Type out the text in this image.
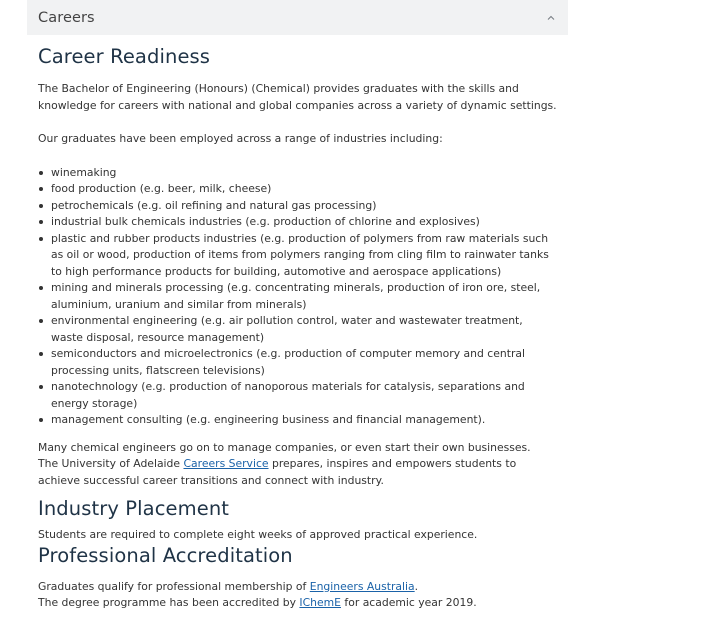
Careers
Career Readiness

The Bachelor of Engineering (Honours) (Chemical) provides graduates with the skills and knowledge for careers with national and global companies across a variety of dynamic settings.

Our graduates have been employed across a range of industries including:

winemaking
food production (e.g. beer, milk, cheese)
petrochemicals (e.g. oil refining and natural gas processing)
industrial bulk chemicals industries (e.g. production of chlorine and explosives)
plastic and rubber products industries (e.g. production of polymers from raw materials such as oil or wood, production of items from polymers ranging from cling film to rainwater tanks to high performance products for building, automotive and aerospace applications)
mining and minerals processing (e.g. concentrating minerals, production of iron ore, steel, aluminium, uranium and similar from minerals)
environmental engineering (e.g. air pollution control, water and wastewater treatment, waste disposal, resource management)
semiconductors and microelectronics (e.g. production of computer memory and central processing units, flatscreen televisions)
nanotechnology (e.g. production of nanoporous materials for catalysis, separations and energy storage)
management consulting (e.g. engineering business and financial management).

Many chemical engineers go on to manage companies, or even start their own businesses.
The University of Adelaide Careers Service prepares, inspires and empowers students to achieve successful career transitions and connect with industry.

Industry Placement

Students are required to complete eight weeks of approved practical experience.

Professional Accreditation

Graduates qualify for professional membership of Engineers Australia.
The degree programme has been accredited by IChemE for academic year 2019.
